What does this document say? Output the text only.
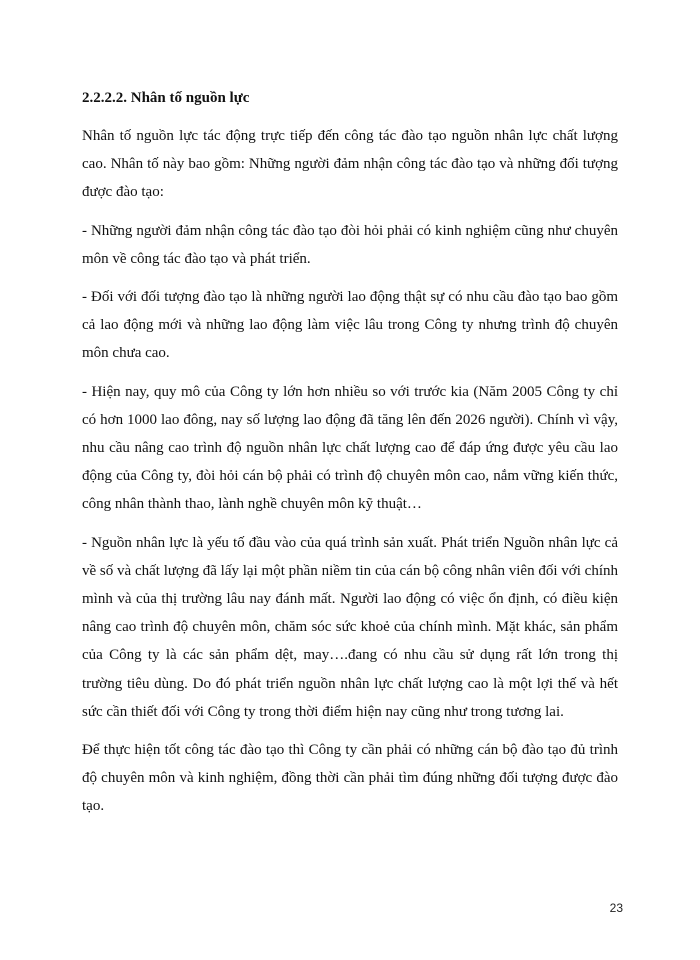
2.2.2.2. Nhân tố nguồn lực

Nhân tố nguồn lực tác động trực tiếp đến công tác đào tạo nguồn nhân lực chất lượng cao. Nhân tố này bao gồm: Những người đảm nhận công tác đào tạo và những đối tượng được đào tạo:

- Những người đảm nhận công tác đào tạo đòi hỏi phải có kinh nghiệm cũng như chuyên môn về công tác đào tạo và phát triển.

- Đối với đối tượng đào tạo là những người lao động thật sự có nhu cầu đào tạo bao gồm cả lao động mới và những lao động làm việc lâu trong Công ty nhưng trình độ chuyên môn chưa cao.

- Hiện nay, quy mô của Công ty lớn hơn nhiều so với trước kia (Năm 2005 Công ty chỉ có hơn 1000 lao đông, nay số lượng lao động đã tăng lên đến 2026 người). Chính vì vậy, nhu cầu nâng cao trình độ nguồn nhân lực chất lượng cao để đáp ứng được yêu cầu lao động của Công ty, đòi hỏi cán bộ phải có trình độ chuyên môn cao, nắm vững kiến thức, công nhân thành thao, lành nghề chuyên môn kỹ thuật…

- Nguồn nhân lực là yếu tố đầu vào của quá trình sản xuất. Phát triển Nguồn nhân lực cả về số và chất lượng đã lấy lại một phần niềm tin của cán bộ công nhân viên đối với chính mình và của thị trường lâu nay đánh mất. Người lao động có việc ổn định, có điều kiện nâng cao trình độ chuyên môn, chăm sóc sức khoẻ của chính mình. Mặt khác, sản phẩm của Công ty là các sản phẩm dệt, may….đang có nhu cầu sử dụng rất lớn trong thị trường tiêu dùng. Do đó phát triển nguồn nhân lực chất lượng cao là một lợi thế và hết sức cần thiết đối với Công ty trong thời điểm hiện nay cũng như trong tương lai.

Để thực hiện tốt công tác đào tạo thì Công ty cần phải có những cán bộ đào tạo đủ trình độ chuyên môn và kinh nghiệm, đồng thời cần phải tìm đúng những đối tượng được đào tạo.

23
